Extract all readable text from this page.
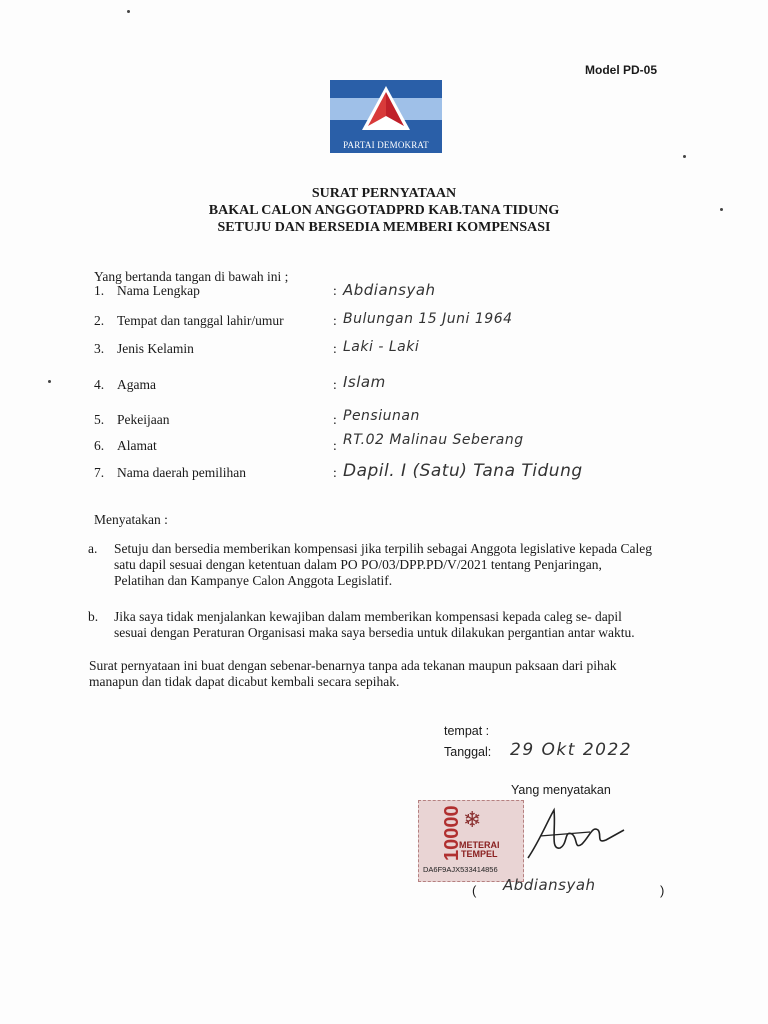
Model PD-05
PARTAI DEMOKRAT
SURAT PERNYATAAN
BAKAL CALON ANGGOTADPRD KAB.TANA TIDUNG
SETUJU DAN BERSEDIA MEMBERI KOMPENSASI
Yang bertanda tangan di bawah ini ;
1. Nama Lengkap	: Abdiansyah
2. Tempat dan tanggal lahir/umur	: Bulungan 15 Juni 1964
3. Jenis Kelamin	: Laki - Laki
4. Agama	: Islam
5. Pekeijaan	: Pensiunan
6. Alamat	: RT.02 Malinau Seberang
7. Nama daerah pemilihan	: Dapil. I (Satu) Tana Tidung
Menyatakan :
a. Setuju dan bersedia memberikan kompensasi jika terpilih sebagai Anggota legislative kepada Caleg
satu dapil sesuai dengan ketentuan dalam PO PO/03/DPP.PD/V/2021 tentang Penjaringan,
Pelatihan dan Kampanye Calon Anggota Legislatif.
b. Jika saya tidak menjalankan kewajiban dalam memberikan kompensasi kepada caleg se- dapil
sesuai dengan Peraturan Organisasi maka saya bersedia untuk dilakukan pergantian antar waktu.
Surat pernyataan ini buat dengan sebenar-benarnya tanpa ada tekanan maupun paksaan dari pihak
manapun dan tidak dapat dicabut kembali secara sepihak.
tempat :
Tanggal: 29 Okt 2022
Yang menyatakan
10000 ❄
METERAI
TEMPEL
DA6F9AJX533414856
( Abdiansyah	)
